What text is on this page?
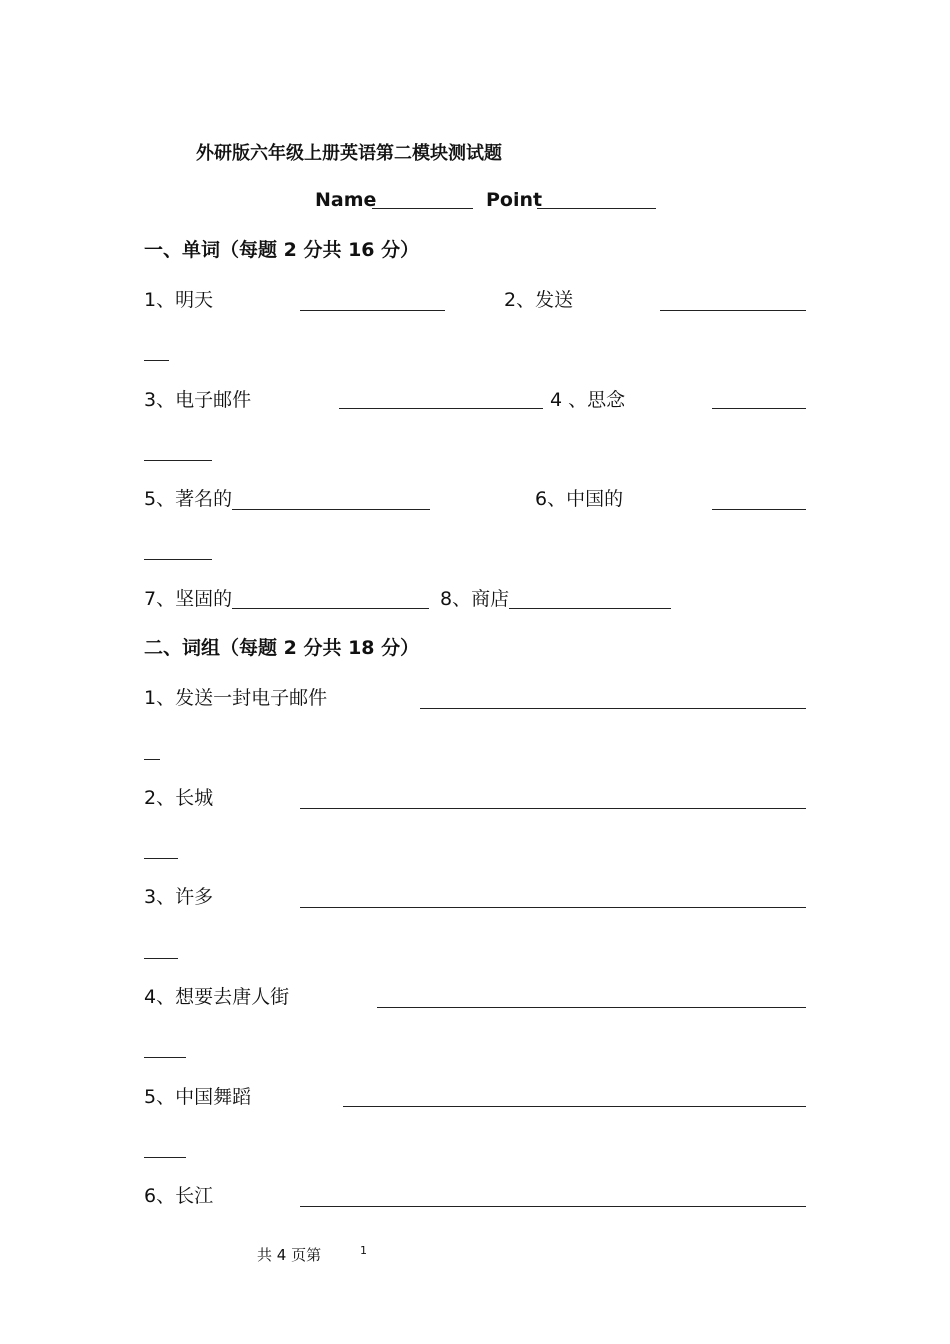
外研版六年级上册英语第二模块测试题
Name	Point
一、单词（每题 2 分共 16 分）
1、明天	2、发送
3、电子邮件	4 、思念
5、著名的	6、中国的
7、坚固的	8、商店
二、词组（每题 2 分共 18 分）
1、发送一封电子邮件
2、长城
3、许多
4、想要去唐人街
5、中国舞蹈
6、长江
共 4 页第	1
